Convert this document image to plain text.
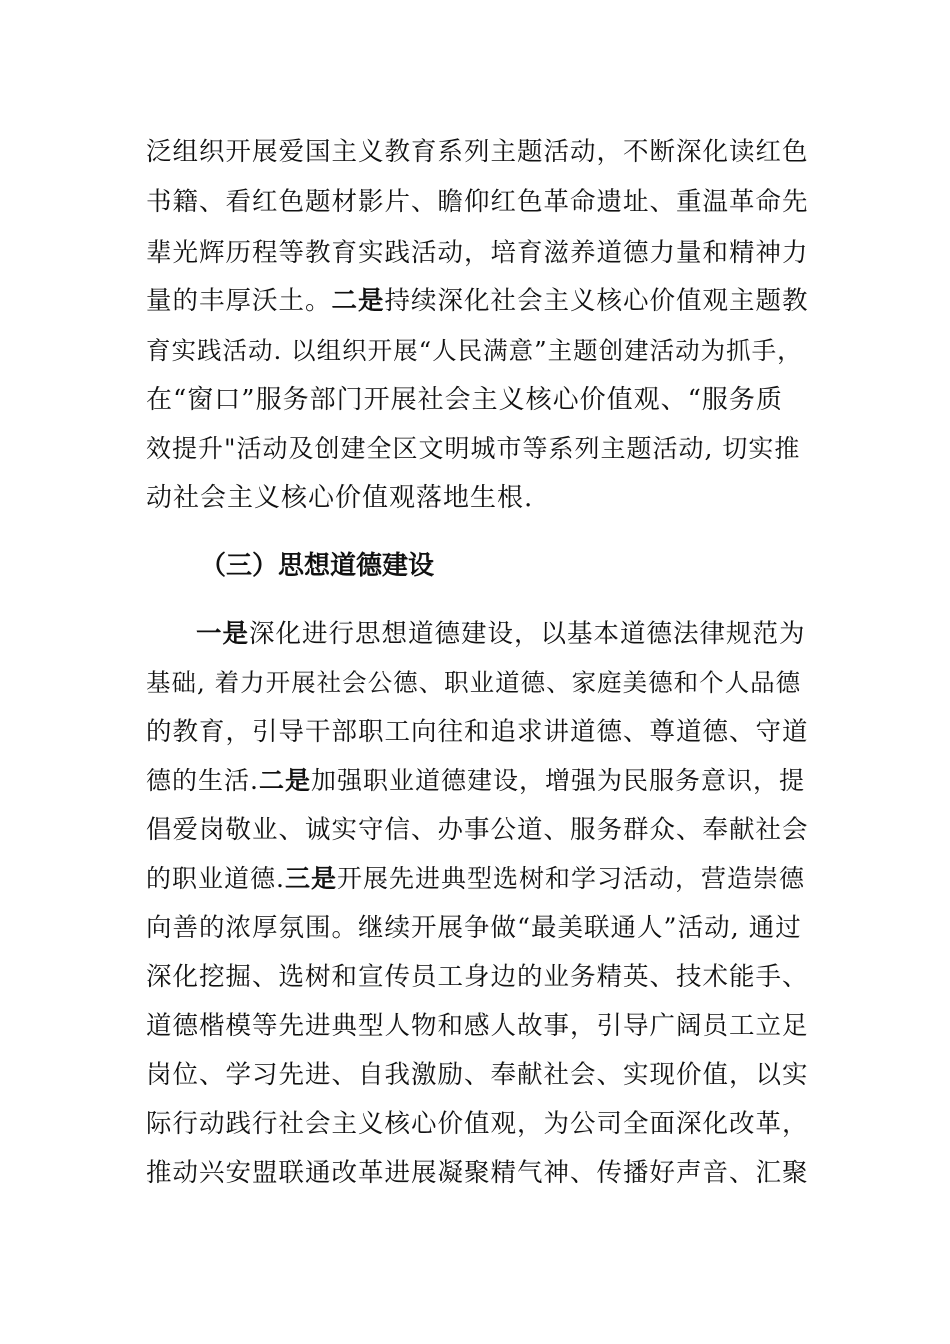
泛组织开展爱国主义教育系列主题活动，不断深化读红色
书籍、看红色题材影片、瞻仰红色革命遗址、重温革命先
辈光辉历程等教育实践活动，培育滋养道德力量和精神力
量的丰厚沃土。二是持续深化社会主义核心价值观主题教
育实践活动. 以组织开展“人民满意”主题创建活动为抓手，
在“窗口”服务部门开展社会主义核心价值观、“服务质
效提升"活动及创建全区文明城市等系列主题活动, 切实推
动社会主义核心价值观落地生根.
（三）思想道德建设
一是深化进行思想道德建设，以基本道德法律规范为
基础, 着力开展社会公德、职业道德、家庭美德和个人品德
的教育，引导干部职工向往和追求讲道德、尊道德、守道
德的生活.二是加强职业道德建设，增强为民服务意识，提
倡爱岗敬业、诚实守信、办事公道、服务群众、奉献社会
的职业道德.三是开展先进典型选树和学习活动，营造崇德
向善的浓厚氛围。继续开展争做“最美联通人”活动, 通过
深化挖掘、选树和宣传员工身边的业务精英、技术能手、
道德楷模等先进典型人物和感人故事，引导广阔员工立足
岗位、学习先进、自我激励、奉献社会、实现价值，以实
际行动践行社会主义核心价值观，为公司全面深化改革，
推动兴安盟联通改革进展凝聚精气神、传播好声音、汇聚
